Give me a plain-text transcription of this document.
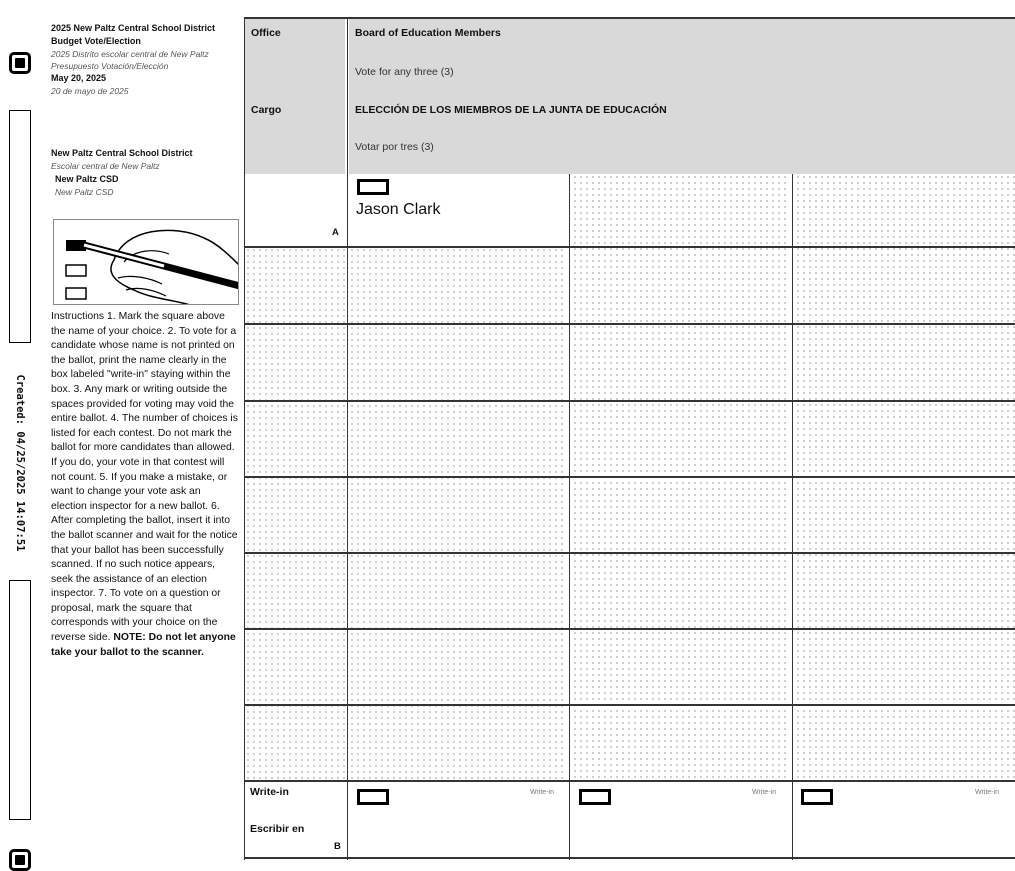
Created: 04/25/2025 14:07:51
2025 New Paltz Central School District Budget Vote/Election
2025 Distrito escolar central de New Paltz Presupuesto Votación/Elección
May 20, 2025
20 de mayo de 2025
New Paltz Central School District
Escolar central de New Paltz
New Paltz CSD
New Paltz CSD
Instructions 1. Mark the square above the name of your choice. 2. To vote for a candidate whose name is not printed on the ballot, print the name clearly in the box labeled "write-in" staying within the box. 3. Any mark or writing outside the spaces provided for voting may void the entire ballot. 4. The number of choices is listed for each contest. Do not mark the ballot for more candidates than allowed. If you do, your vote in that contest will not count. 5. If you make a mistake, or want to change your vote ask an election inspector for a new ballot. 6. After completing the ballot, insert it into the ballot scanner and wait for the notice that your ballot has been successfully scanned. If no such notice appears, seek the assistance of an election inspector. 7. To vote on a question or proposal, mark the square that corresponds with your choice on the reverse side. NOTE: Do not let anyone take your ballot to the scanner.
Office
Cargo
Board of Education Members
Vote for any three (3)
ELECCIÓN DE LOS MIEMBROS DE LA JUNTA DE EDUCACIÓN
Votar por tres (3)
A
Jason Clark
Write-in
Escribir en
B
Write-in	Write-in	Write-in
